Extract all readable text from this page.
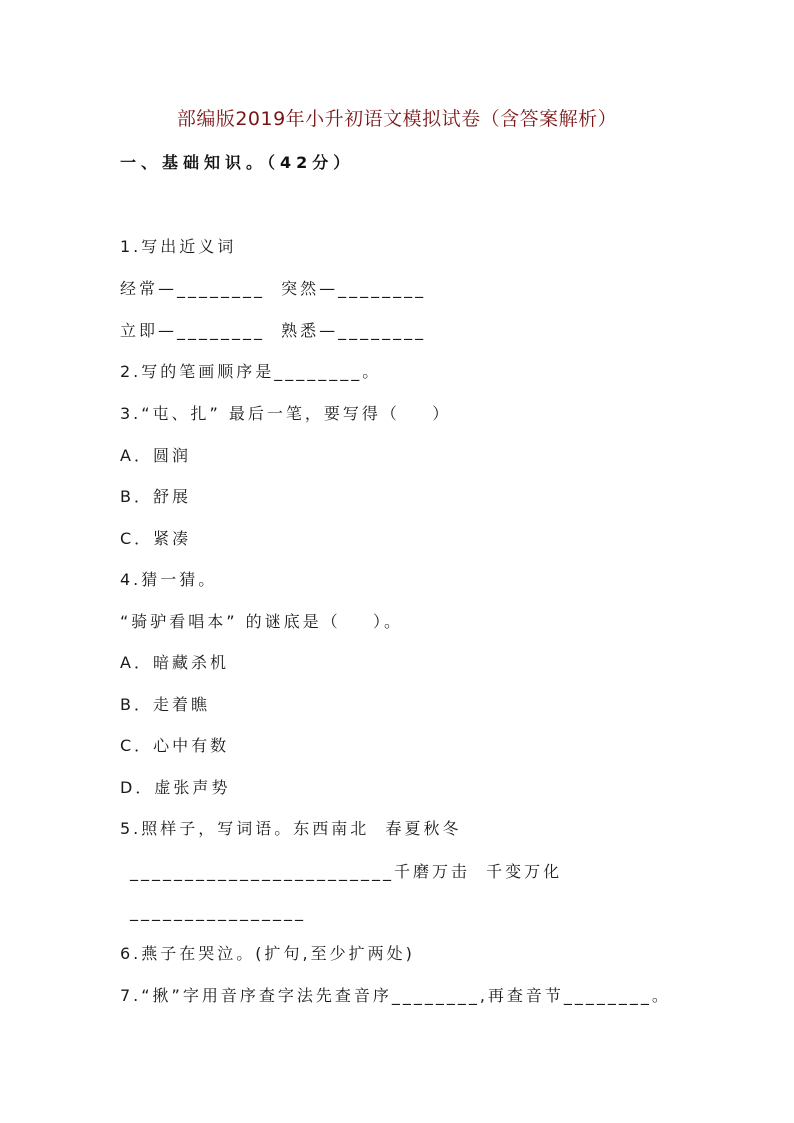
部编版2019年小升初语文模拟试卷（含答案解析）
一、基础知识。（42分）
1.写出近义词
经常—________  突然—________
立即—________  熟悉—________
2.写的笔画顺序是________。
3.“屯、扎” 最后一笔，要写得（    ）
A．圆润
B．舒展
C．紧凑
4.猜一猜。
“骑驴看唱本” 的谜底是（    ）。
A．暗藏杀机
B．走着瞧
C．心中有数
D．虚张声势
5.照样子，写词语。东西南北  春夏秋冬
________________________千磨万击  千变万化
________________
6.燕子在哭泣。(扩句,至少扩两处)
7.“揪”字用音序查字法先查音序________,再查音节________。
